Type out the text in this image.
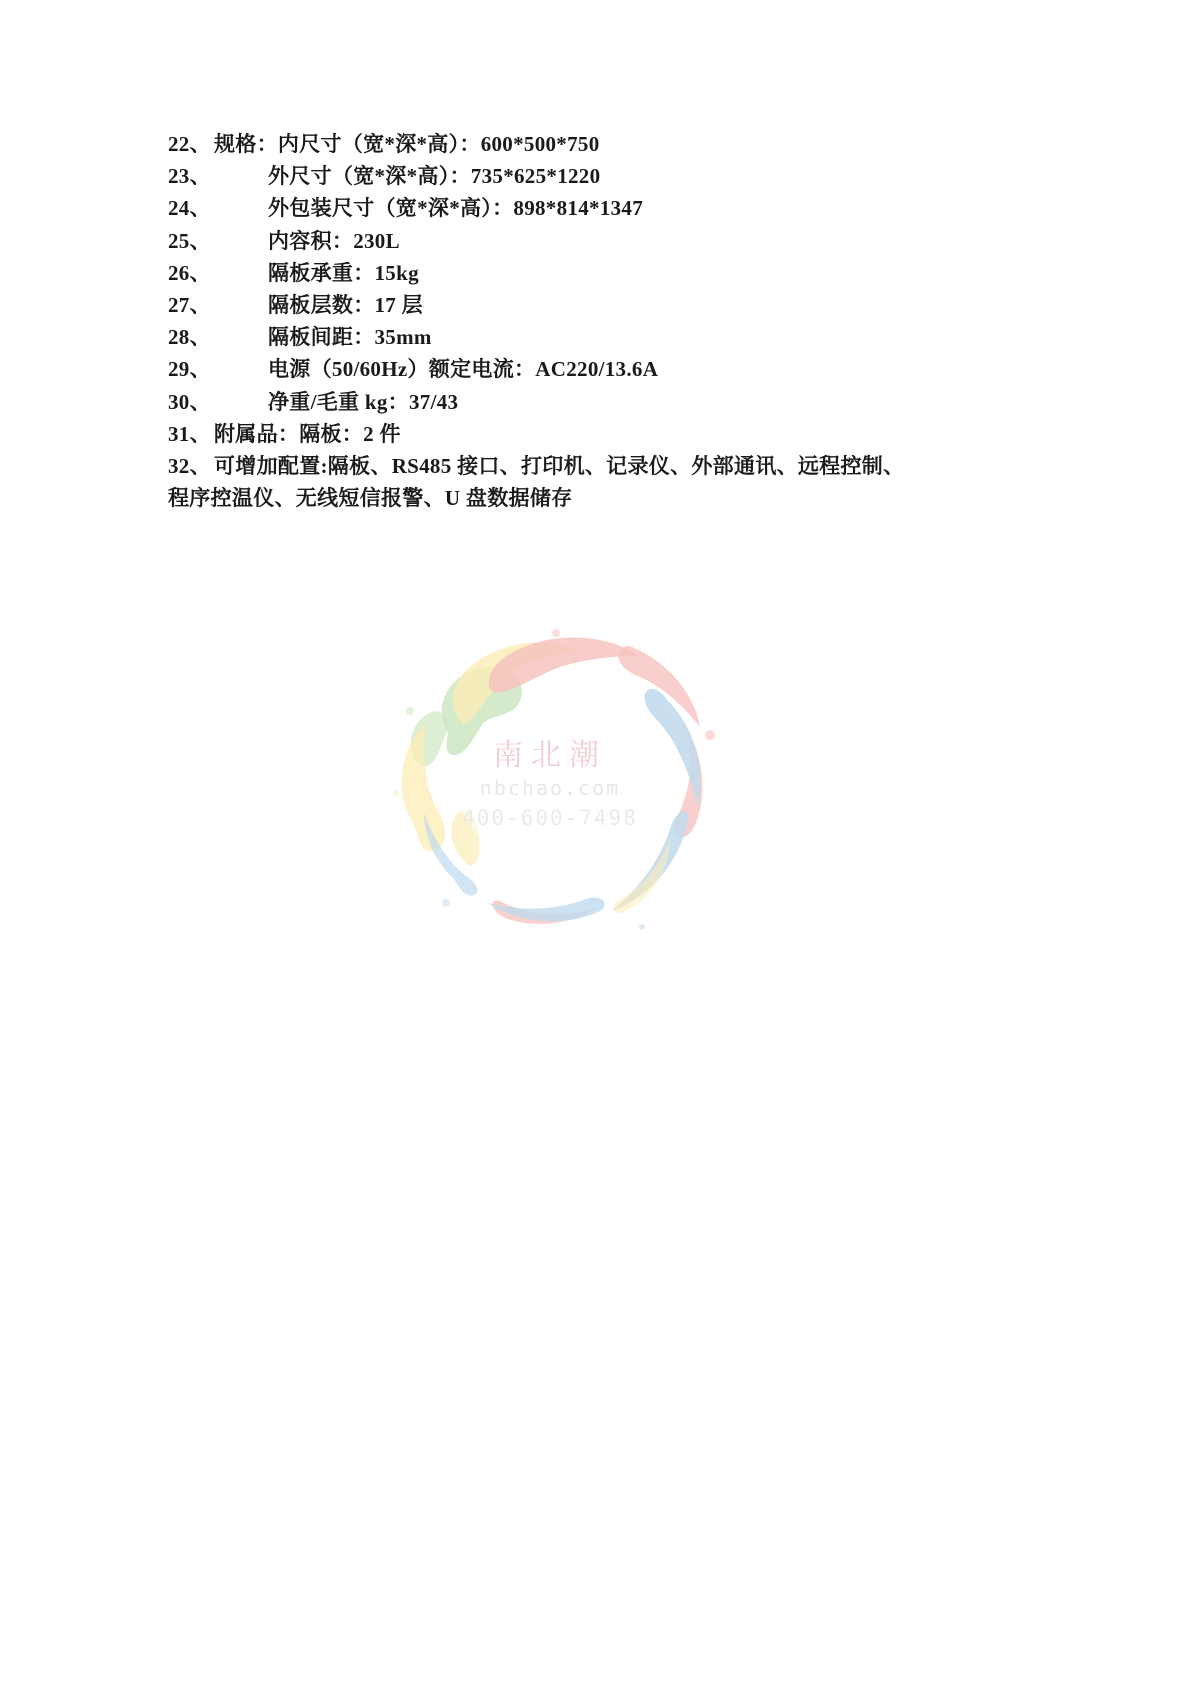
22、 规格： 内尺寸（宽*深*高）：600*500*750
23、	外尺寸（宽*深*高）：735*625*1220
24、	外包装尺寸（宽*深*高）：898*814*1347
25、	内容积：230L
26、	隔板承重：15kg
27、	隔板层数：17 层
28、	隔板间距：35mm
29、	电源（50/60Hz）额定电流：AC220/13.6A
30、	净重/毛重 kg：37/43
31、 附属品：隔板：2 件
32、 可增加配置:隔板、RS485 接口、打印机、记录仪、外部通讯、远程控制、
程序控温仪、无线短信报警、U 盘数据储存
南北潮
nbchao.com
400-600-7498
